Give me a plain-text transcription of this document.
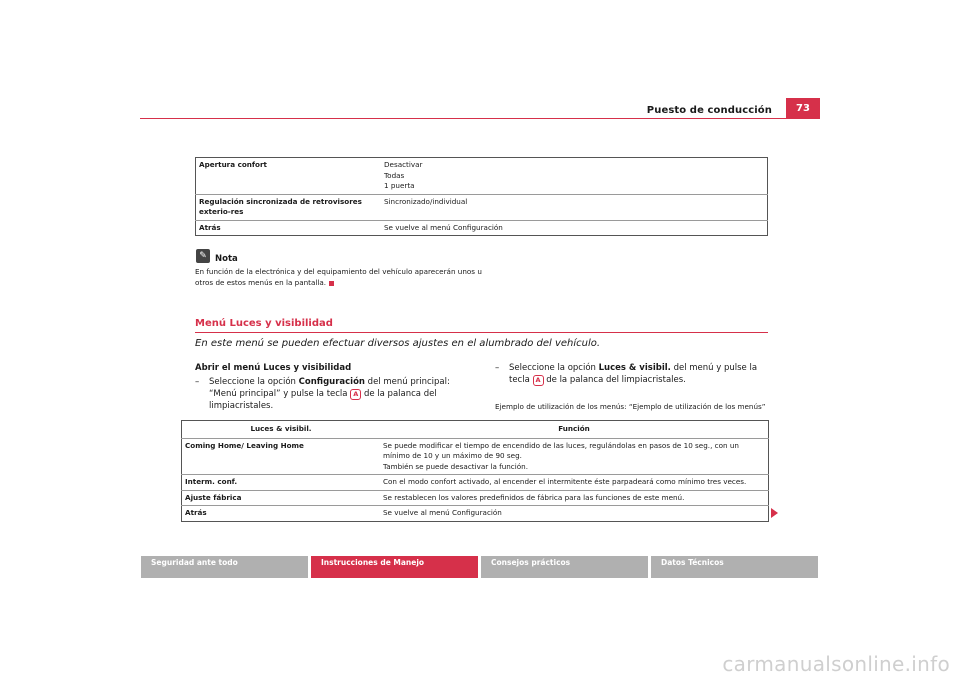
Puesto de conducción	73
Apertura confort	Desactivar
Todas
1 puerta

Regulación sincronizada de retrovisores exterio-res	Sincronizado/individual

Atrás	Se vuelve al menú Configuración
✎ Nota
En función de la electrónica y del equipamiento del vehículo aparecerán unos u otros de estos menús en la pantalla.
Menú Luces y visibilidad
En este menú se pueden efectuar diversos ajustes en el alumbrado del vehículo.
Abrir el menú Luces y visibilidad
– Seleccione la opción Configuración del menú principal: “Menú principal” y pulse la tecla A de la palanca del limpiacristales.
– Seleccione la opción Luces & visibil. del menú y pulse la tecla A de la palanca del limpiacristales.
Ejemplo de utilización de los menús: “Ejemplo de utilización de los menús”
Luces & visibil.	Función
Coming Home/ Leaving Home	Se puede modificar el tiempo de encendido de las luces, regulándolas en pasos de 10 seg., con un mínimo de 10 y un máximo de 90 seg.
También se puede desactivar la función.

Interm. conf.	Con el modo confort activado, al encender el intermitente éste parpadeará como mínimo tres veces.

Ajuste fábrica	Se restablecen los valores predefinidos de fábrica para las funciones de este menú.

Atrás	Se vuelve al menú Configuración
Seguridad ante todo	Instrucciones de Manejo	Consejos prácticos	Datos Técnicos
carmanualsonline.info
